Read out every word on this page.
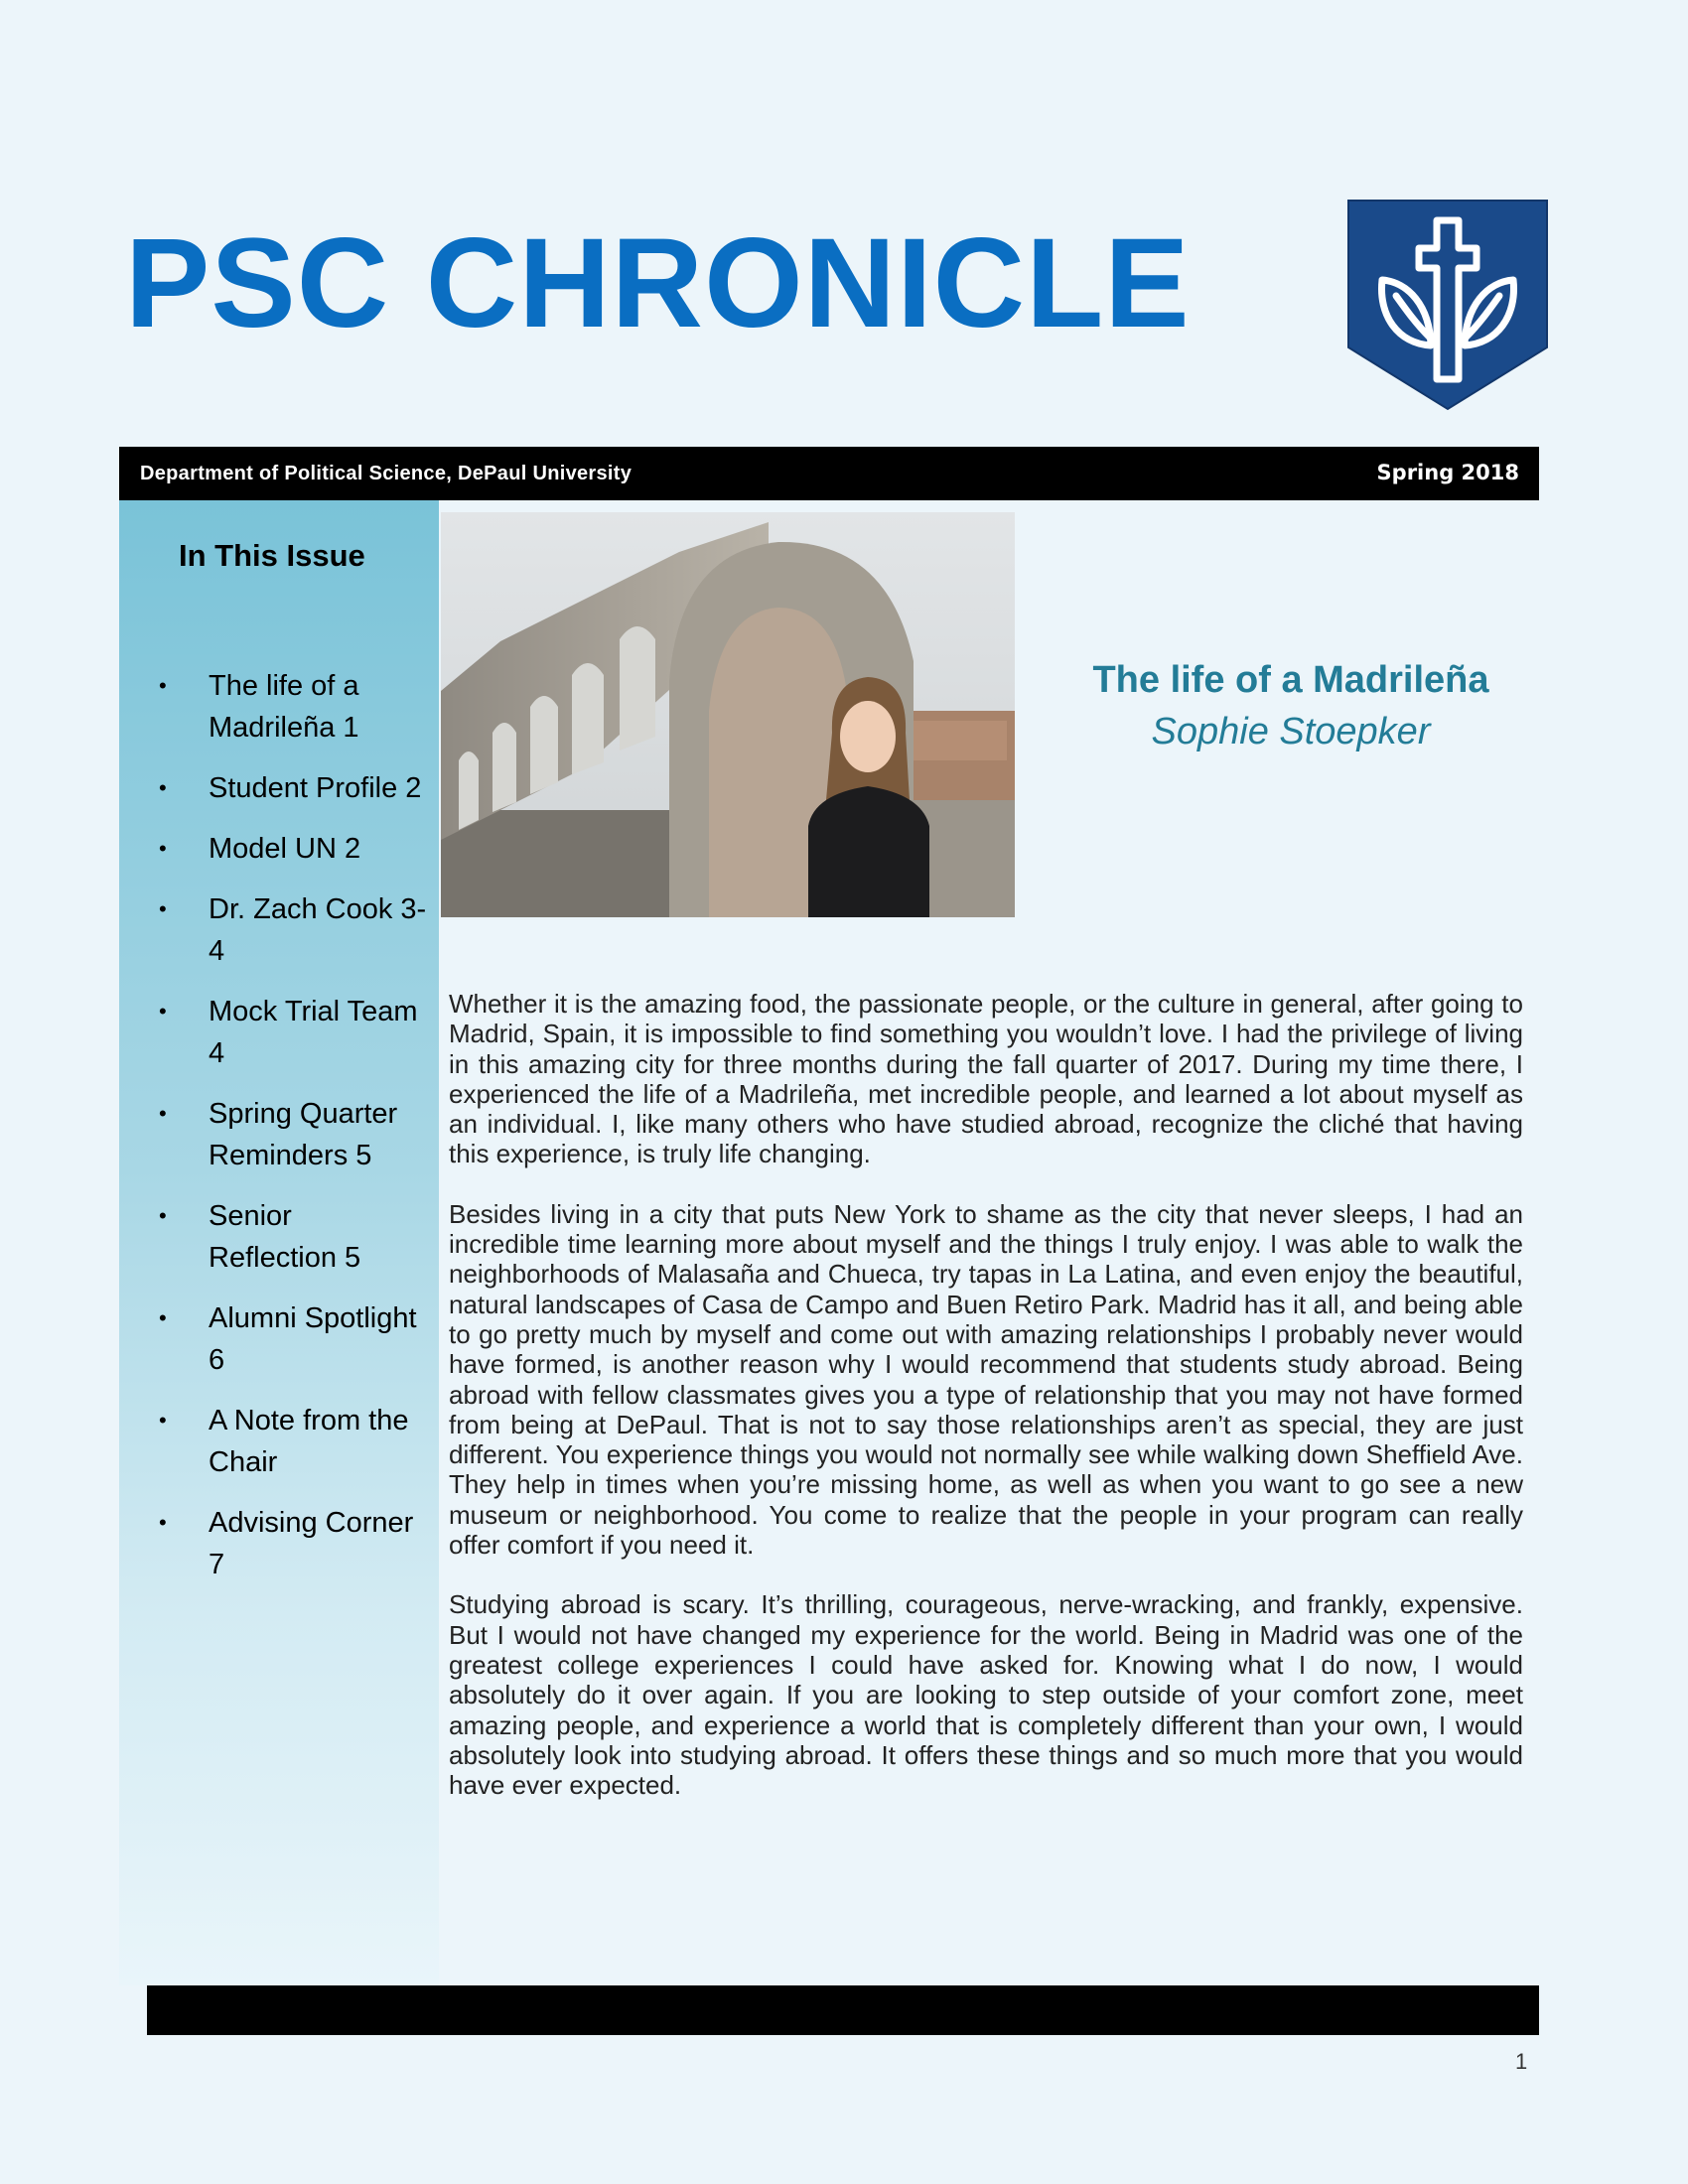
PSC CHRONICLE
Department of Political Science, DePaul University	Spring 2018
In This Issue
• The life of a Madrileña 1
• Student Profile 2
• Model UN 2
• Dr. Zach Cook 3-4
• Mock Trial Team 4
• Spring Quarter Reminders 5
• Senior Reflection 5
• Alumni Spotlight 6
• A Note from the Chair
• Advising Corner 7
The life of a Madrileña
Sophie Stoepker

Whether it is the amazing food, the passionate people, or the culture in general, after going to Madrid, Spain, it is impossible to find something you wouldn’t love. I had the privilege of living in this amazing city for three months during the fall quarter of 2017. During my time there, I experienced the life of a Madrileña, met incredible people, and learned a lot about myself as an individual. I, like many others who have studied abroad, recognize the cliché that having this experience, is truly life changing.

Besides living in a city that puts New York to shame as the city that never sleeps, I had an incredible time learning more about myself and the things I truly enjoy. I was able to walk the neighborhoods of Malasaña and Chueca, try tapas in La Latina, and even enjoy the beautiful, natural landscapes of Casa de Campo and Buen Retiro Park. Madrid has it all, and being able to go pretty much by myself and come out with amazing relationships I probably never would have formed, is another reason why I would recommend that students study abroad. Being abroad with fellow classmates gives you a type of relationship that you may not have formed from being at DePaul. That is not to say those relationships aren’t as special, they are just different. You experience things you would not normally see while walking down Sheffield Ave. They help in times when you’re missing home, as well as when you want to go see a new museum or neighborhood. You come to realize that the people in your program can really offer comfort if you need it.

Studying abroad is scary. It’s thrilling, courageous, nerve-wracking, and frankly, expensive. But I would not have changed my experience for the world. Being in Madrid was one of the greatest college experiences I could have asked for. Knowing what I do now, I would absolutely do it over again. If you are looking to step outside of your comfort zone, meet amazing people, and experience a world that is completely different than your own, I would absolutely look into studying abroad. It offers these things and so much more that you would have ever expected.

1
